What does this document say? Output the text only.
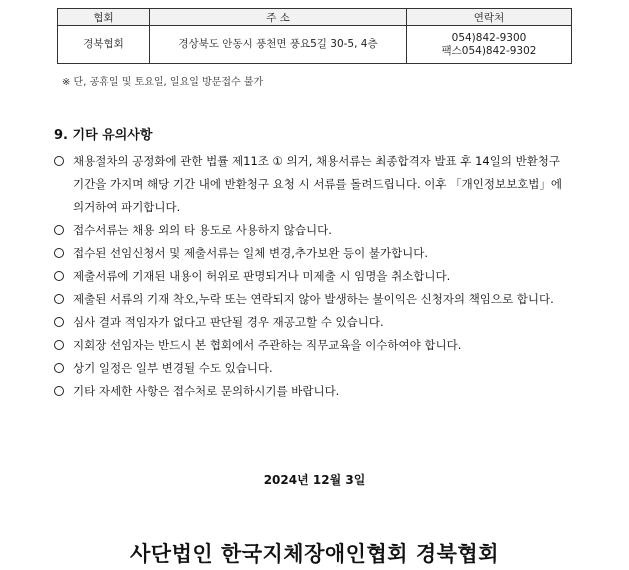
협회	주 소	연락처
경북협회	경상북도 안동시 풍천면 풍요5길 30-5, 4층	054)842-9300
팩스054)842-9302
※ 단, 공휴일 및 토요일, 일요일 방문접수 불가
9. 기타 유의사항
채용절차의 공정화에 관한 법률 제11조 ① 의거, 채용서류는 최종합격자 발표 후 14일의 반환청구 기간을 가지며 해당 기간 내에 반환청구 요청 시 서류를 돌려드립니다. 이후 「개인정보보호법」에 의거하여 파기합니다.
접수서류는 채용 외의 타 용도로 사용하지 않습니다.
접수된 선임신청서 및 제출서류는 일체 변경,추가보완 등이 불가합니다.
제출서류에 기재된 내용이 허위로 판명되거나 미제출 시 임명을 취소합니다.
제출된 서류의 기재 착오,누락 또는 연락되지 않아 발생하는 불이익은 신청자의 책임으로 합니다.
심사 결과 적임자가 없다고 판단될 경우 재공고할 수 있습니다.
지회장 선임자는 반드시 본 협회에서 주관하는 직무교육을 이수하여야 합니다.
상기 일정은 일부 변경될 수도 있습니다.
기타 자세한 사항은 접수처로 문의하시기를 바랍니다.
2024년 12월 3일
사단법인 한국지체장애인협회 경북협회
